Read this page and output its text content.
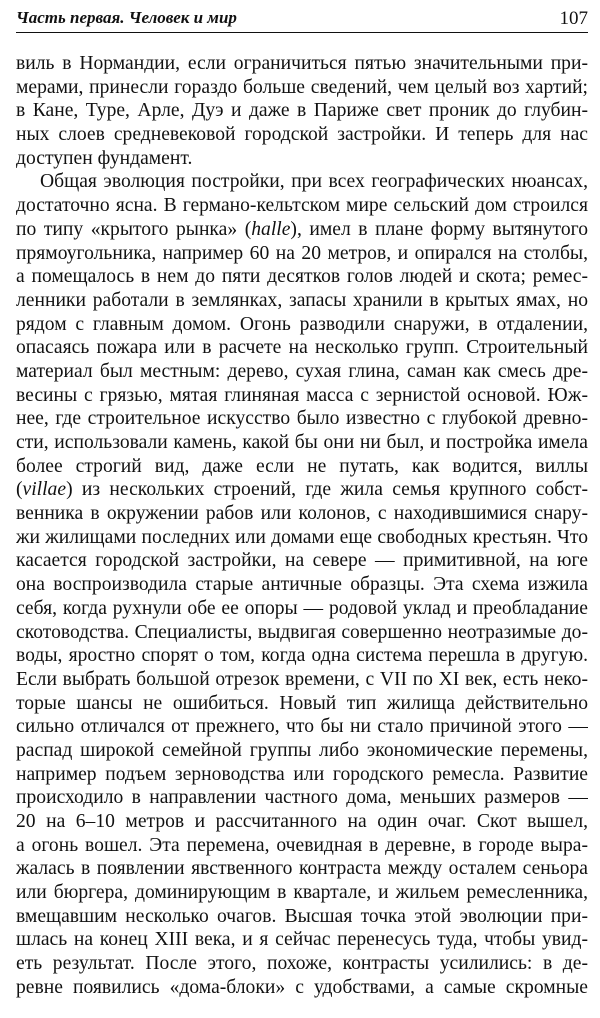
Часть первая. Человек и мир	107
виль в Нормандии, если ограничиться пятью значительными при-
мерами, принесли гораздо больше сведений, чем целый воз хартий;
в Кане, Туре, Арле, Дуэ и даже в Париже свет проник до глубин-
ных слоев средневековой городской застройки. И теперь для нас
доступен фундамент.
Общая эволюция постройки, при всех географических нюансах,
достаточно ясна. В германо-кельтском мире сельский дом строился
по типу «крытого рынка» (halle), имел в плане форму вытянутого
прямоугольника, например 60 на 20 метров, и опирался на столбы,
а помещалось в нем до пяти десятков голов людей и скота; ремес-
ленники работали в землянках, запасы хранили в крытых ямах, но
рядом с главным домом. Огонь разводили снаружи, в отдалении,
опасаясь пожара или в расчете на несколько групп. Строительный
материал был местным: дерево, сухая глина, саман как смесь дре-
весины с грязью, мятая глиняная масса с зернистой основой. Юж-
нее, где строительное искусство было известно с глубокой древно-
сти, использовали камень, какой бы они ни был, и постройка имела
более строгий вид, даже если не путать, как водится, виллы
(villae) из нескольких строений, где жила семья крупного собст-
венника в окружении рабов или колонов, с находившимися снару-
жи жилищами последних или домами еще свободных крестьян. Что
касается городской застройки, на севере — примитивной, на юге
она воспроизводила старые античные образцы. Эта схема изжила
себя, когда рухнули обе ее опоры — родовой уклад и преобладание
скотоводства. Специалисты, выдвигая совершенно неотразимые до-
воды, яростно спорят о том, когда одна система перешла в другую.
Если выбрать большой отрезок времени, с VII по XI век, есть неко-
торые шансы не ошибиться. Новый тип жилища действительно
сильно отличался от прежнего, что бы ни стало причиной этого —
распад широкой семейной группы либо экономические перемены,
например подъем зерноводства или городского ремесла. Развитие
происходило в направлении частного дома, меньших размеров —
20 на 6–10 метров и рассчитанного на один очаг. Скот вышел,
а огонь вошел. Эта перемена, очевидная в деревне, в городе выра-
жалась в появлении явственного контраста между осталем сеньора
или бюргера, доминирующим в квартале, и жильем ремесленника,
вмещавшим несколько очагов. Высшая точка этой эволюции при-
шлась на конец XIII века, и я сейчас перенесусь туда, чтобы увид-
еть результат. После этого, похоже, контрасты усилились: в де-
ревне появились «дома-блоки» с удобствами, а самые скромные
